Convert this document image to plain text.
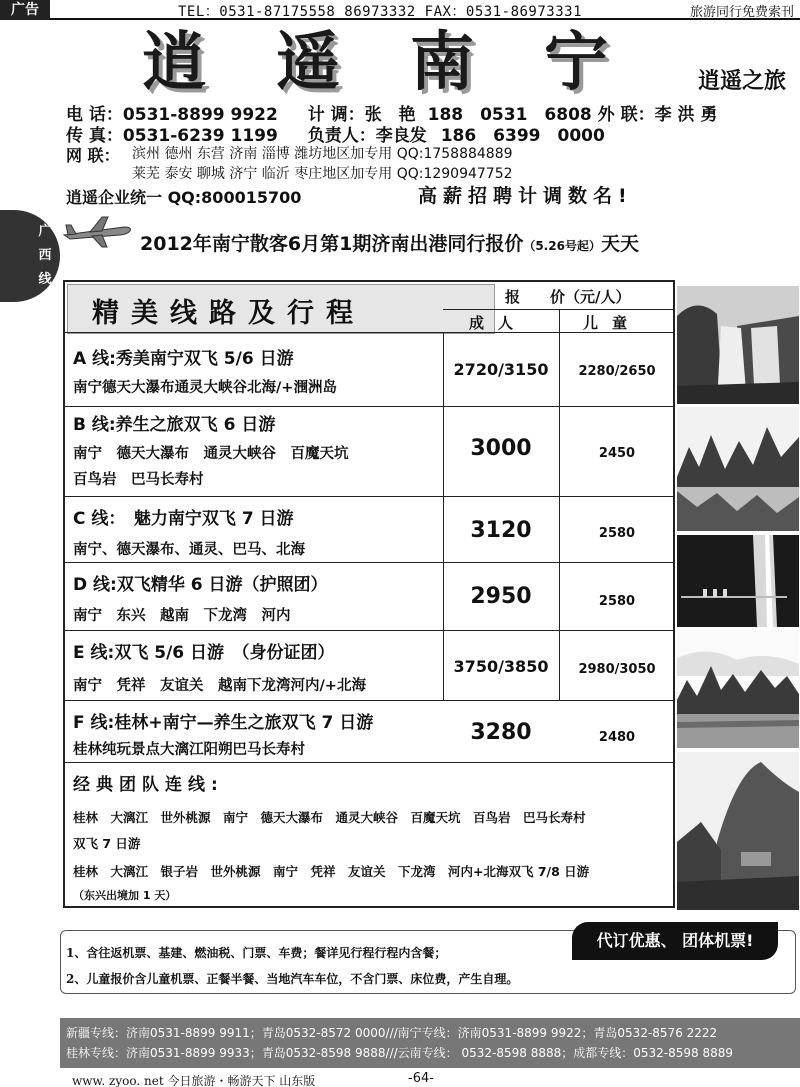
广告	TEL：0531-87175558 86973332 FAX：0531-86973331	旅游同行免费索刊
广
西
线
逍遥南宁 逍遥之旅
电 话：0531-8899 9922 计 调：张　艳 188　0531　6808 外 联：李 洪 勇
传 真：0531-6239 1199 负责人：李良发 186　6399　0000
网 联： 滨州 德州 东营 济南 淄博 潍坊地区加专用 QQ:1758884889
莱芜 泰安 聊城 济宁 临沂 枣庄地区加专用 QQ:1290947752
逍遥企业统一 QQ:800015700	高薪招聘计调数名!
2012年南宁散客6月第1期济南出港同行报价（5.26号起）天天
精美线路及行程
报　　价（元/人）
成人	儿童
A 线:秀美南宁双飞 5/6 日游
南宁德天大瀑布通灵大峡谷北海/+涠洲岛
2720/3150	2280/2650
B 线:养生之旅双飞 6 日游
南宁　德天大瀑布　通灵大峡谷　百魔天坑
百鸟岩　巴马长寿村
3000	2450
C 线：　魅力南宁双飞 7 日游
南宁、德天瀑布、通灵、巴马、北海
3120	2580
D 线:双飞精华 6 日游（护照团）
南宁　东兴　越南　下龙湾　河内
2950	2580
E 线:双飞 5/6 日游　（身份证团）
南宁　凭祥　友谊关　越南下龙湾河内/+北海
3750/3850	2980/3050
F 线:桂林+南宁—养生之旅双飞 7 日游
桂林纯玩景点大漓江阳朔巴马长寿村
3280	2480
经典团队连线:
桂林　大漓江　世外桃源　南宁　德天大瀑布　通灵大峡谷　百魔天坑　百鸟岩　巴马长寿村
双飞 7 日游
桂林　大漓江　银子岩　世外桃源　南宁　凭祥　友谊关　下龙湾　河内+北海双飞 7/8 日游
（东兴出境加 1 天）
代订优惠、 团体机票!
1、含往返机票、基建、燃油税、门票、车费；餐详见行程行程内含餐；
2、儿童报价含儿童机票、正餐半餐、当地汽车车位，不含门票、床位费，产生自理。
新疆专线：济南0531-8899 9911；青岛0532-8572 0000///南宁专线：济南0531-8899 9922；青岛0532-8576 2222
桂林专线：济南0531-8899 9933；青岛0532-8598 9888///云南专线： 0532-8598 8888；成都专线：0532-8598 8889
www. zyoo. net 今日旅游・畅游天下 山东版	-64-
